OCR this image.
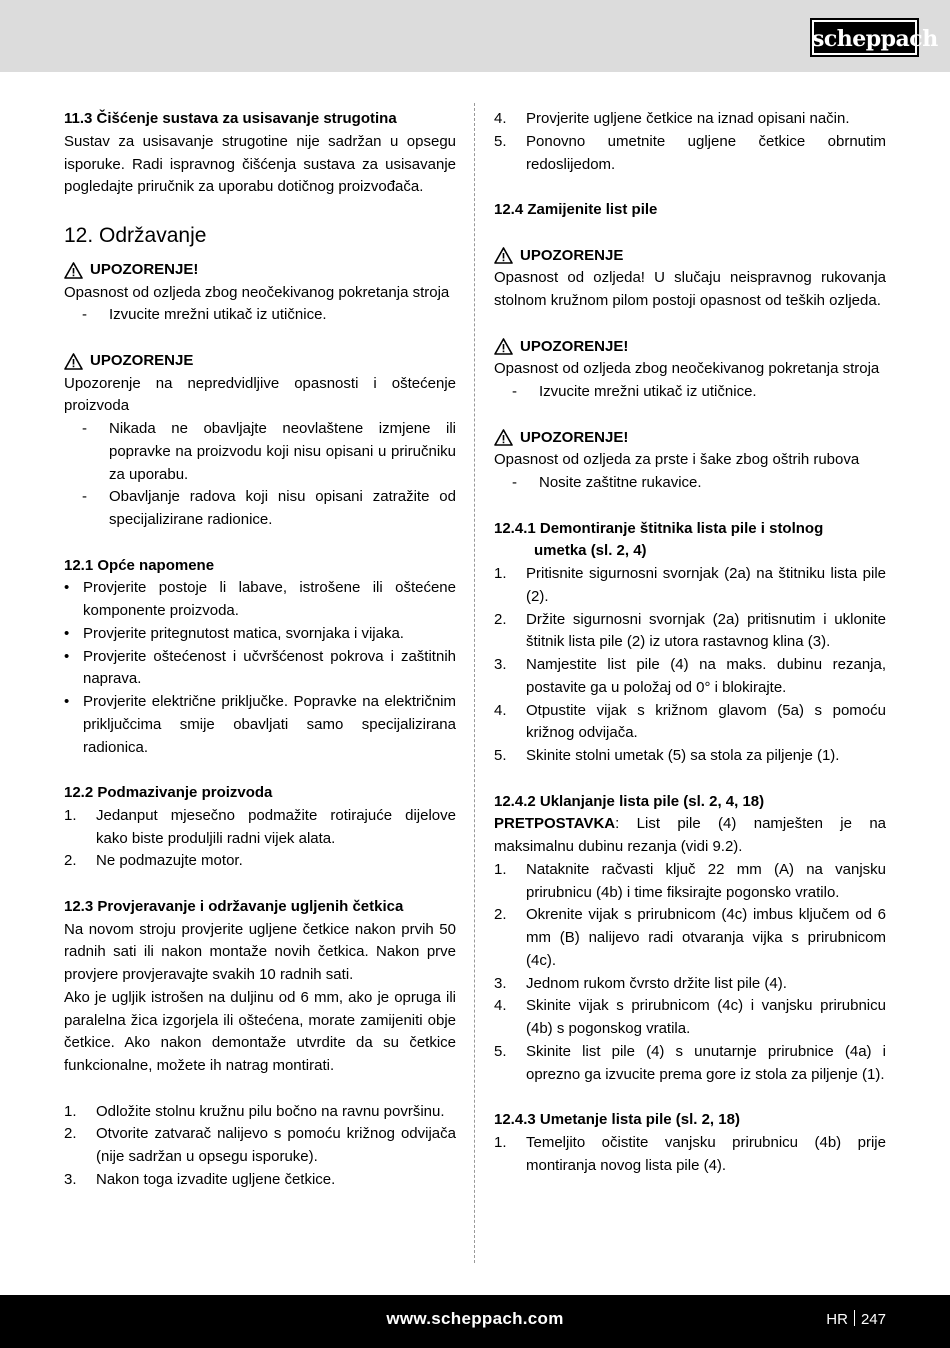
scheppach
11.3 Čišćenje sustava za usisavanje strugotina
Sustav za usisavanje strugotine nije sadržan u opsegu isporuke. Radi ispravnog čišćenja sustava za usisavanje pogledajte priručnik za uporabu dotičnog proizvođača.
12. Održavanje
UPOZORENJE!
Opasnost od ozljeda zbog neočekivanog pokretanja stroja
-	Izvucite mrežni utikač iz utičnice.
UPOZORENJE
Upozorenje na nepredvidljive opasnosti i oštećenje proizvoda
-	Nikada ne obavljajte neovlaštene izmjene ili popravke na proizvodu koji nisu opisani u priručniku za uporabu.
-	Obavljanje radova koji nisu opisani zatražite od specijalizirane radionice.
12.1 Opće napomene
• Provjerite postoje li labave, istrošene ili oštećene komponente proizvoda.
• Provjerite pritegnutost matica, svornjaka i vijaka.
• Provjerite oštećenost i učvršćenost pokrova i zaštitnih naprava.
• Provjerite električne priključke. Popravke na električnim priključcima smije obavljati samo specijalizirana radionica.
12.2 Podmazivanje proizvoda
1.	Jedanput mjesečno podmažite rotirajuće dijelove kako biste produljili radni vijek alata.
2.	Ne podmazujte motor.
12.3 Provjeravanje i održavanje ugljenih četkica
Na novom stroju provjerite ugljene četkice nakon prvih 50 radnih sati ili nakon montaže novih četkica. Nakon prve provjere provjeravajte svakih 10 radnih sati.
Ako je ugljik istrošen na duljinu od 6 mm, ako je opruga ili paralelna žica izgorjela ili oštećena, morate zamijeniti obje četkice. Ako nakon demontaže utvrdite da su četkice funkcionalne, možete ih natrag montirati.
1.	Odložite stolnu kružnu pilu bočno na ravnu površinu.
2.	Otvorite zatvarač nalijevo s pomoću križnog odvijača (nije sadržan u opsegu isporuke).
3.	Nakon toga izvadite ugljene četkice.
4.	Provjerite ugljene četkice na iznad opisani način.
5.	Ponovno umetnite ugljene četkice obrnutim redoslijedom.
12.4 Zamijenite list pile
UPOZORENJE
Opasnost od ozljeda! U slučaju neispravnog rukovanja stolnom kružnom pilom postoji opasnost od teških ozljeda.
UPOZORENJE!
Opasnost od ozljeda zbog neočekivanog pokretanja stroja
-	Izvucite mrežni utikač iz utičnice.
UPOZORENJE!
Opasnost od ozljeda za prste i šake zbog oštrih rubova
-	Nosite zaštitne rukavice.
12.4.1 Demontiranje štitnika lista pile i stolnog
umetka (sl. 2, 4)
1.	Pritisnite sigurnosni svornjak (2a) na štitniku lista pile (2).
2.	Držite sigurnosni svornjak (2a) pritisnutim i uklonite štitnik lista pile (2) iz utora rastavnog klina (3).
3.	Namjestite list pile (4) na maks. dubinu rezanja, postavite ga u položaj od 0° i blokirajte.
4.	Otpustite vijak s križnom glavom (5a) s pomoću križnog odvijača.
5.	Skinite stolni umetak (5) sa stola za piljenje (1).
12.4.2 Uklanjanje lista pile (sl. 2, 4, 18)
PRETPOSTAVKA: List pile (4) namješten je na maksimalnu dubinu rezanja (vidi 9.2).
1.	Nataknite račvasti ključ 22 mm (A) na vanjsku prirubnicu (4b) i time fiksirajte pogonsko vratilo.
2.	Okrenite vijak s prirubnicom (4c) imbus ključem od 6 mm (B) nalijevo radi otvaranja vijka s prirubnicom (4c).
3.	Jednom rukom čvrsto držite list pile (4).
4.	Skinite vijak s prirubnicom (4c) i vanjsku prirubnicu (4b) s pogonskog vratila.
5.	Skinite list pile (4) s unutarnje prirubnice (4a) i oprezno ga izvucite prema gore iz stola za piljenje (1).
12.4.3 Umetanje lista pile (sl. 2, 18)
1.	Temeljito očistite vanjsku prirubnicu (4b) prije montiranja novog lista pile (4).
www.scheppach.com	HR 247
